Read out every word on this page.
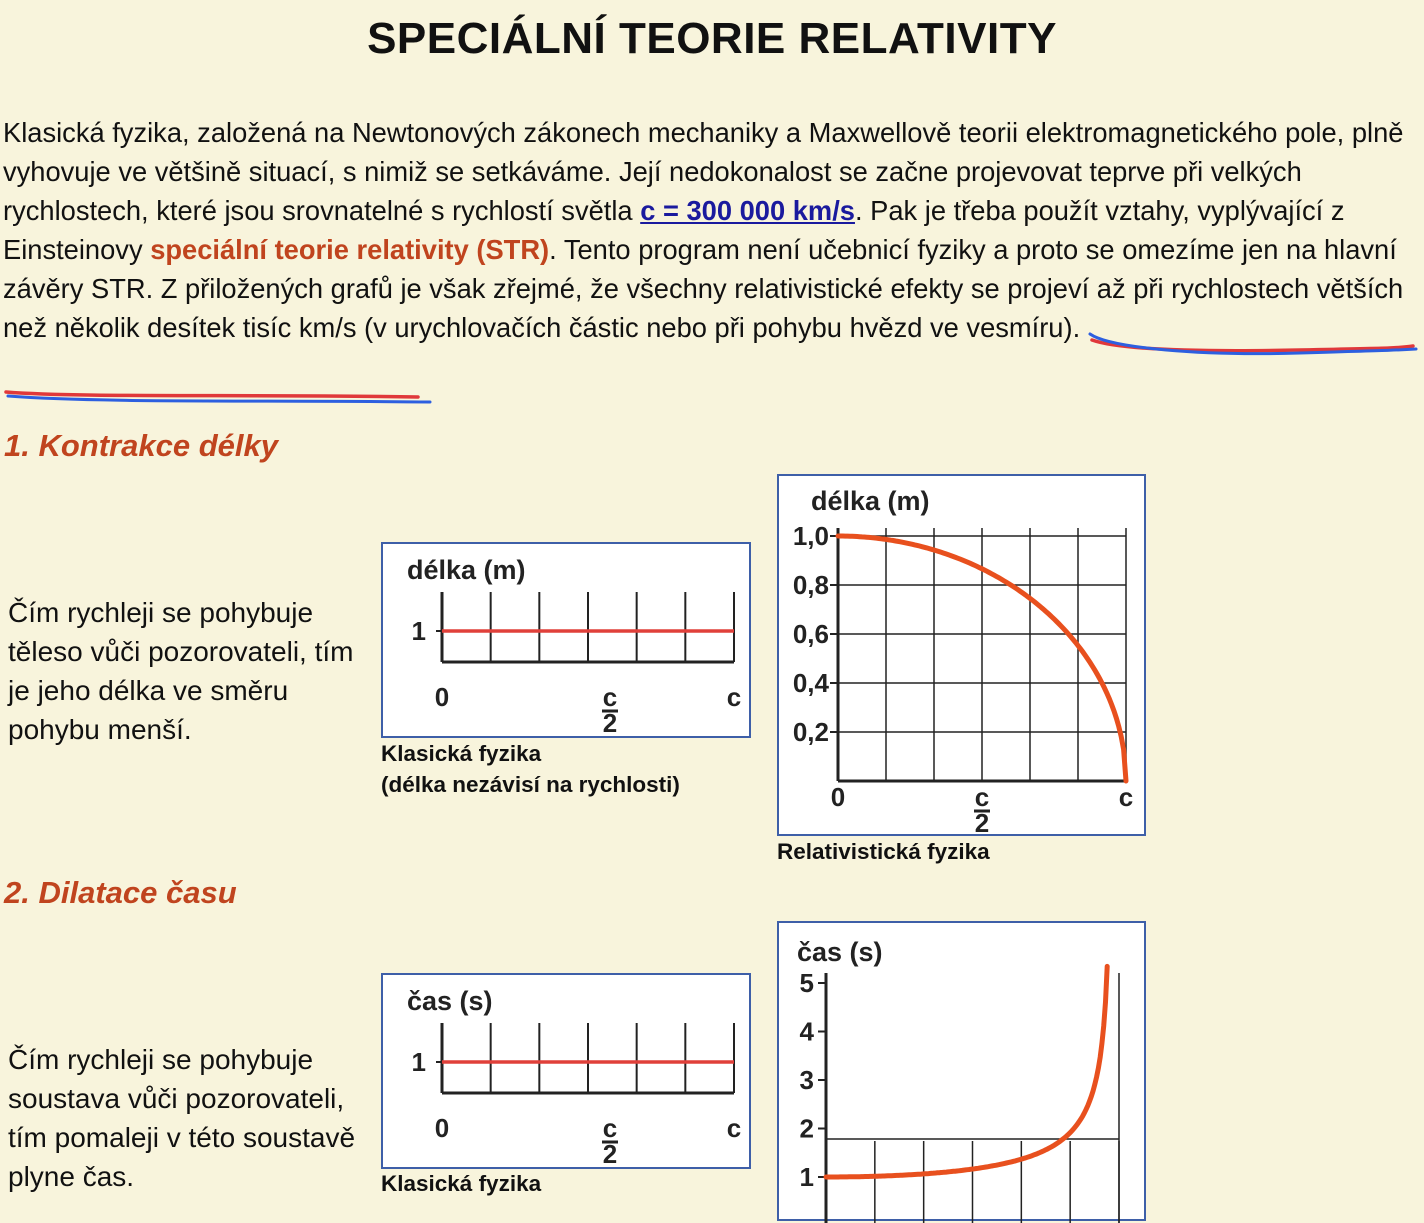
SPECIÁLNÍ TEORIE RELATIVITY

Klasická fyzika, založená na Newtonových zákonech mechaniky a Maxwellově teorii elektromagnetického pole, plně vyhovuje ve většině situací, s nimiž se setkáváme. Její nedokonalost se začne projevovat teprve při velkých rychlostech, které jsou srovnatelné s rychlostí světla c = 300 000 km/s. Pak je třeba použít vztahy, vyplývající z Einsteinovy speciální teorie relativity (STR). Tento program není učebnicí fyziky a proto se omezíme jen na hlavní závěry STR. Z přiložených grafů je však zřejmé, že všechny relativistické efekty se projeví až při rychlostech větších než několik desítek tisíc km/s (v urychlovačích částic nebo při pohybu hvězd ve vesmíru).

1. Kontrakce délky

Čím rychleji se pohybuje těleso vůči pozorovateli, tím je jeho délka ve směru pohybu menší.

délka (m)
1
0	c
2
c
Klasická fyzika
(délka nezávisí na rychlosti)
délka (m)
0,2
0,4
0,6
0,8
1,0
0	c
2
c
Relativistická fyzika
2. Dilatace času

Čím rychleji se pohybuje soustava vůči pozorovateli, tím pomaleji v této soustavě plyne čas.

čas (s)
1
0	c
2
c
Klasická fyzika
čas (s)
1
2
3
4
5
